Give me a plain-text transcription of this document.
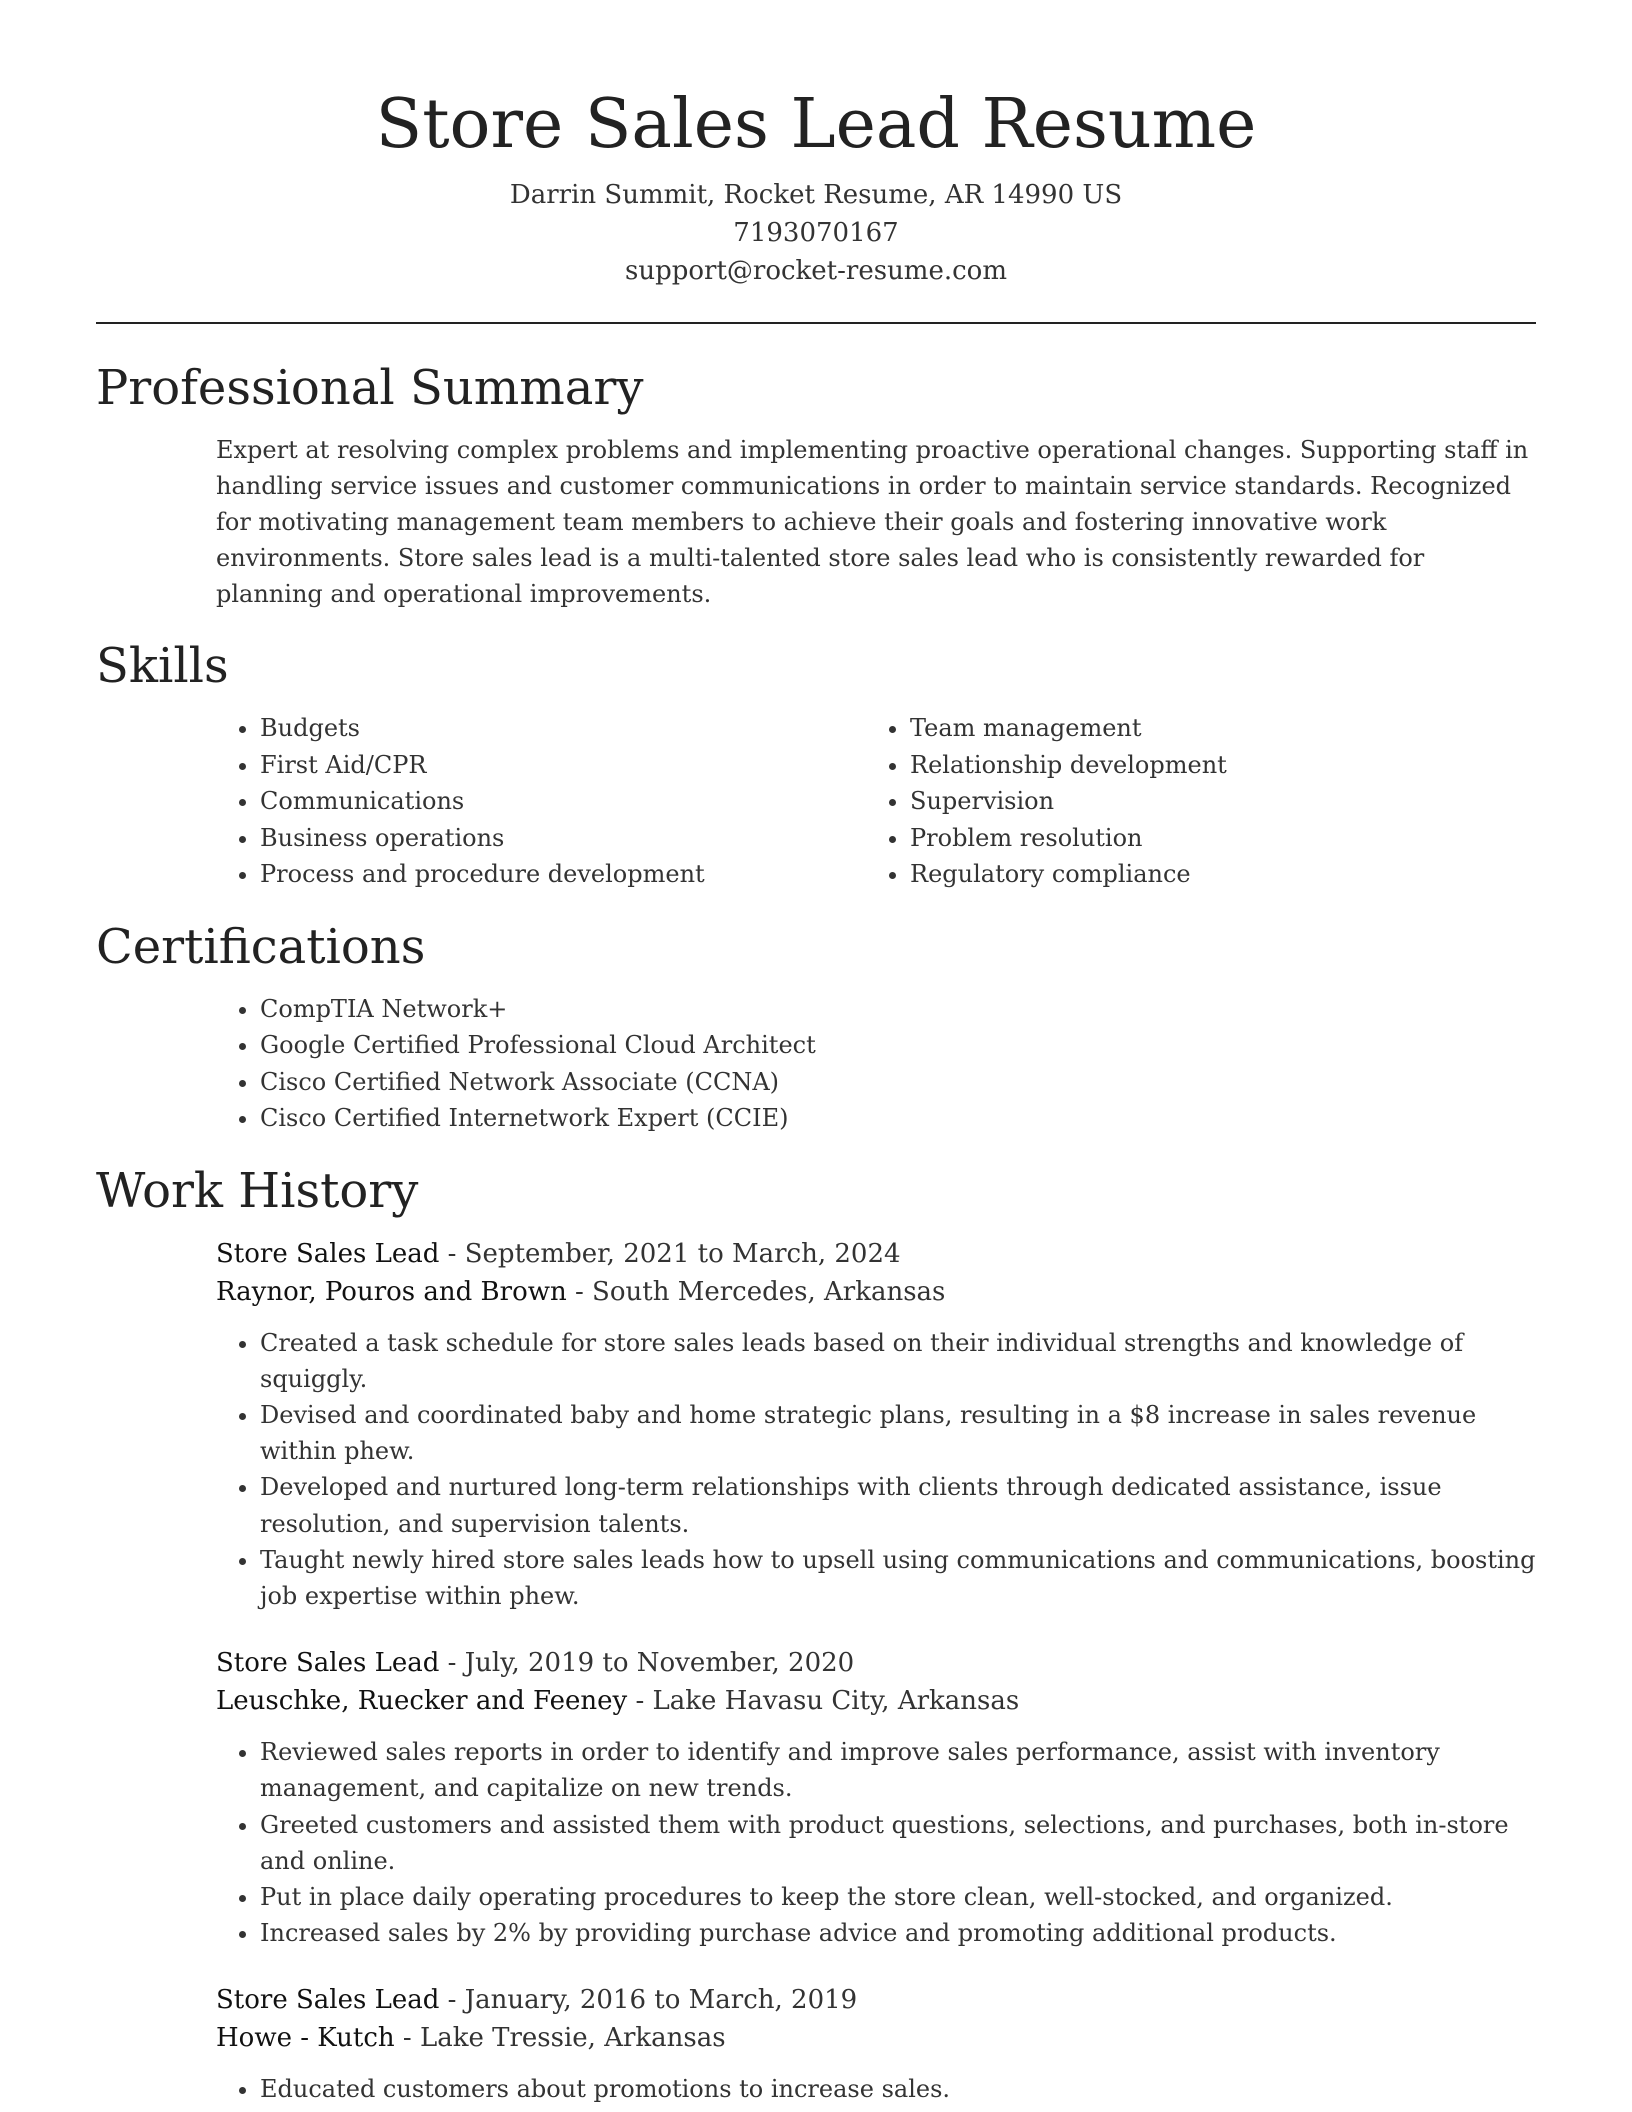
Store Sales Lead Resume

Darrin Summit, Rocket Resume, AR 14990 US

7193070167

support@rocket-resume.com

Professional Summary

Expert at resolving complex problems and implementing proactive operational changes. Supporting staff in handling service issues and customer communications in order to maintain service standards. Recognized for motivating management team members to achieve their goals and fostering innovative work environments. Store sales lead is a multi-talented store sales lead who is consistently rewarded for planning and operational improvements.

Skills
• Budgets
• First Aid/CPR
• Communications
• Business operations
• Process and procedure development
• Team management
• Relationship development
• Supervision
• Problem resolution
• Regulatory compliance
Certifications
• CompTIA Network+
• Google Certified Professional Cloud Architect
• Cisco Certified Network Associate (CCNA)
• Cisco Certified Internetwork Expert (CCIE)
Work History

Store Sales Lead - September, 2021 to March, 2024

Raynor, Pouros and Brown - South Mercedes, Arkansas

• Created a task schedule for store sales leads based on their individual strengths and knowledge of squiggly.
• Devised and coordinated baby and home strategic plans, resulting in a $8 increase in sales revenue within phew.
• Developed and nurtured long-term relationships with clients through dedicated assistance, issue resolution, and supervision talents.
• Taught newly hired store sales leads how to upsell using communications and communications, boosting job expertise within phew.

Store Sales Lead - July, 2019 to November, 2020

Leuschke, Ruecker and Feeney - Lake Havasu City, Arkansas

• Reviewed sales reports in order to identify and improve sales performance, assist with inventory management, and capitalize on new trends.
• Greeted customers and assisted them with product questions, selections, and purchases, both in-store and online.
• Put in place daily operating procedures to keep the store clean, well-stocked, and organized.
• Increased sales by 2% by providing purchase advice and promoting additional products.

Store Sales Lead - January, 2016 to March, 2019

Howe - Kutch - Lake Tressie, Arkansas

• Educated customers about promotions to increase sales.
